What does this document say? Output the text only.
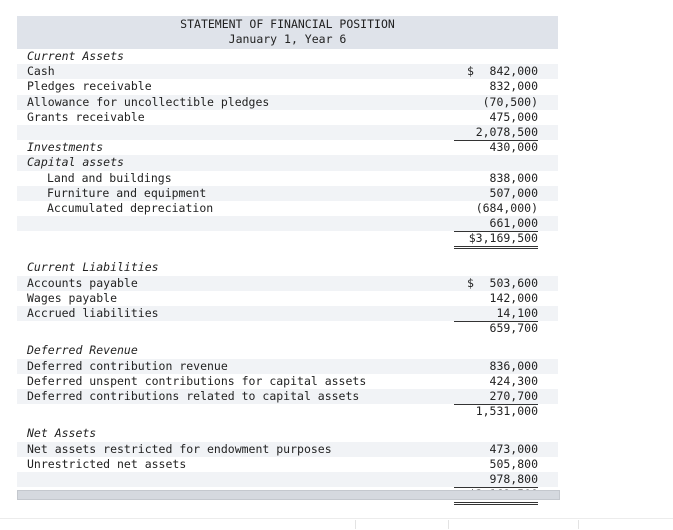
STATEMENT OF FINANCIAL POSITION
January 1, Year 6
Current Assets
Cash	$	842,000
Pledges receivable	832,000
Allowance for uncollectible pledges	(70,500)
Grants receivable	475,000
2,078,500
Investments	430,000
Capital assets
Land and buildings	838,000
Furniture and equipment	507,000
Accumulated depreciation	(684,000)
661,000
$3,169,500
Current Liabilities
Accounts payable	$	503,600
Wages payable	142,000
Accrued liabilities	14,100
659,700
Deferred Revenue
Deferred contribution revenue	836,000
Deferred unspent contributions for capital assets	424,300
Deferred contributions related to capital assets	270,700
1,531,000
Net Assets
Net assets restricted for endowment purposes	473,000
Unrestricted net assets	505,800
978,800
